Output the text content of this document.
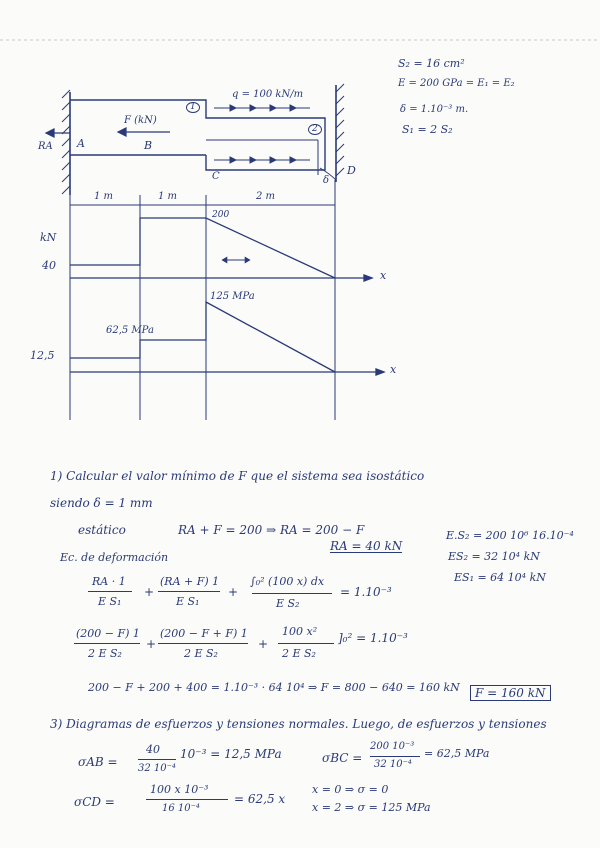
S₂ = 16 cm²
E = 200 GPa = E₁ = E₂
δ = 1.10⁻³ m.
S₁ = 2 S₂
q = 100 kN/m
F (kN)
RA A	B
C	D
δ
1
2
1 m	1 m	2 m
kN
40
200
x
12,5
62,5 MPa
125 MPa
x
1) Calcular el valor mínimo de F que el sistema sea isostático
siendo δ = 1 mm
estático	RA + F = 200 ⇒ RA = 200 − F
RA = 40 kN
E.S₂ = 200 10⁶ 16.10⁻⁴
ES₂ = 32 10⁴ kN
ES₁ = 64 10⁴ kN
Ec. de deformación
RA · 1
E S₁
+
(RA + F) 1
E S₁
+
∫₀² (100 x) dx
E S₂
= 1.10⁻³
(200 − F) 1
2 E S₂
+
(200 − F + F) 1
2 E S₂
+
100 x²
2 E S₂
]₀² = 1.10⁻³
200 − F + 200 + 400 = 1.10⁻³ · 64 10⁴ ⇒ F = 800 − 640 = 160 kN	F = 160 kN
3) Diagramas de esfuerzos y tensiones normales. Luego, de esfuerzos y tensiones
σAB =
40
32 10⁻⁴
10⁻³ = 12,5 MPa	σBC =
200 10⁻³
32 10⁻⁴
= 62,5 MPa
σCD =
100 x 10⁻³
16 10⁻⁴
= 62,5 x
x = 0 ⇒ σ = 0
x = 2 ⇒ σ = 125 MPa
